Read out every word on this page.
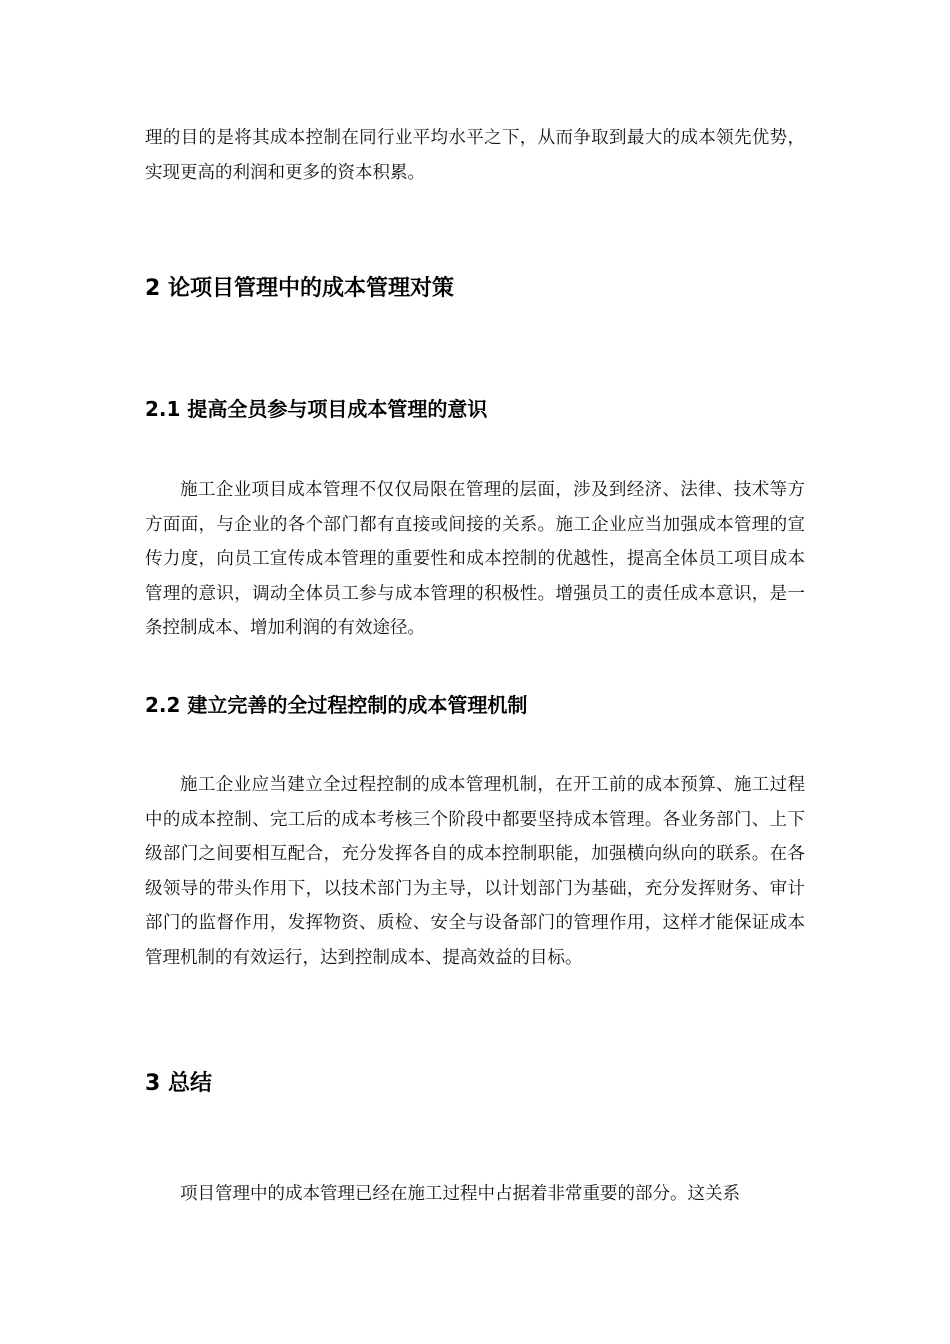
理的目的是将其成本控制在同行业平均水平之下，从而争取到最大的成本领先优势，实现更高的利润和更多的资本积累。

2 论项目管理中的成本管理对策
2.1 提高全员参与项目成本管理的意识

施工企业项目成本管理不仅仅局限在管理的层面，涉及到经济、法律、技术等方方面面，与企业的各个部门都有直接或间接的关系。施工企业应当加强成本管理的宣传力度，向员工宣传成本管理的重要性和成本控制的优越性，提高全体员工项目成本管理的意识，调动全体员工参与成本管理的积极性。增强员工的责任成本意识，是一条控制成本、增加利润的有效途径。

2.2 建立完善的全过程控制的成本管理机制

施工企业应当建立全过程控制的成本管理机制，在开工前的成本预算、施工过程中的成本控制、完工后的成本考核三个阶段中都要坚持成本管理。各业务部门、上下级部门之间要相互配合，充分发挥各自的成本控制职能，加强横向纵向的联系。在各级领导的带头作用下，以技术部门为主导，以计划部门为基础，充分发挥财务、审计部门的监督作用，发挥物资、质检、安全与设备部门的管理作用，这样才能保证成本管理机制的有效运行，达到控制成本、提高效益的目标。

3 总结

项目管理中的成本管理已经在施工过程中占据着非常重要的部分。这关系
